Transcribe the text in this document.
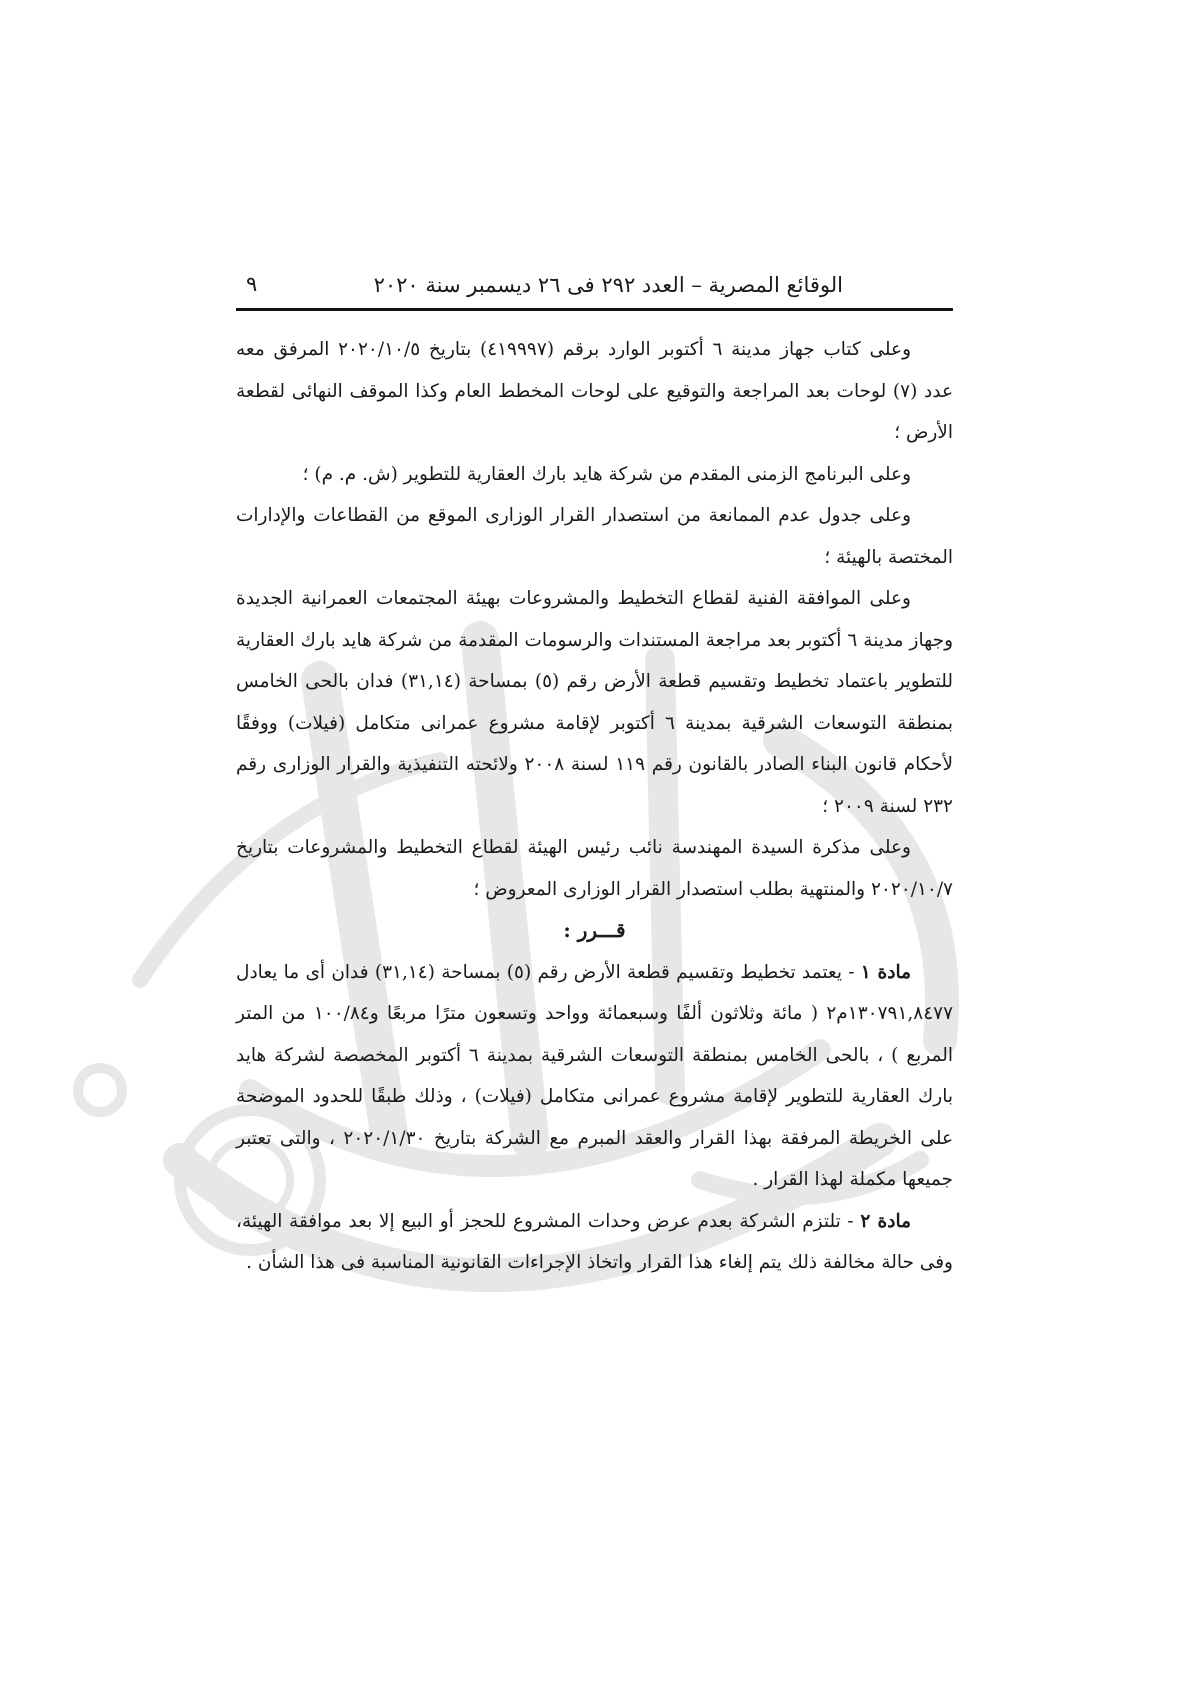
الوقائع المصرية – العدد ٢٩٢ فى ٢٦ ديسمبر سنة ٢٠٢٠
٩

وعلى كتاب جهاز مدينة ٦ أكتوبر الوارد برقم (٤١٩٩٩٧) بتاريخ ٢٠٢٠/١٠/٥ المرفق معه عدد (٧) لوحات بعد المراجعة والتوقيع على لوحات المخطط العام وكذا الموقف النهائى لقطعة الأرض ؛

وعلى البرنامج الزمنى المقدم من شركة هايد بارك العقارية للتطوير (ش. م. م) ؛

وعلى جدول عدم الممانعة من استصدار القرار الوزارى الموقع من القطاعات والإدارات المختصة بالهيئة ؛

وعلى الموافقة الفنية لقطاع التخطيط والمشروعات بهيئة المجتمعات العمرانية الجديدة وجهاز مدينة ٦ أكتوبر بعد مراجعة المستندات والرسومات المقدمة من شركة هايد بارك العقارية للتطوير باعتماد تخطيط وتقسيم قطعة الأرض رقم (٥) بمساحة (٣١,١٤) فدان بالحى الخامس بمنطقة التوسعات الشرقية بمدينة ٦ أكتوبر لإقامة مشروع عمرانى متكامل (فيلات) ووفقًا لأحكام قانون البناء الصادر بالقانون رقم ١١٩ لسنة ٢٠٠٨ ولائحته التنفيذية والقرار الوزارى رقم ٢٣٢ لسنة ٢٠٠٩ ؛

وعلى مذكرة السيدة المهندسة نائب رئيس الهيئة لقطاع التخطيط والمشروعات بتاريخ ٢٠٢٠/١٠/٧ والمنتهية بطلب استصدار القرار الوزارى المعروض ؛

قـــرر :

مادة ١ - يعتمد تخطيط وتقسيم قطعة الأرض رقم (٥) بمساحة (٣١,١٤) فدان أى ما يعادل ١٣٠٧٩١,٨٤٧٧م٢ ( مائة وثلاثون ألفًا وسبعمائة وواحد وتسعون مترًا مربعًا و١٠٠/٨٤ من المتر المربع ) ، بالحى الخامس بمنطقة التوسعات الشرقية بمدينة ٦ أكتوبر المخصصة لشركة هايد بارك العقارية للتطوير لإقامة مشروع عمرانى متكامل (فيلات) ، وذلك طبقًا للحدود الموضحة على الخريطة المرفقة بهذا القرار والعقد المبرم مع الشركة بتاريخ ٢٠٢٠/١/٣٠ ، والتى تعتبر جميعها مكملة لهذا القرار .

مادة ٢ - تلتزم الشركة بعدم عرض وحدات المشروع للحجز أو البيع إلا بعد موافقة الهيئة، وفى حالة مخالفة ذلك يتم إلغاء هذا القرار واتخاذ الإجراءات القانونية المناسبة فى هذا الشأن .
